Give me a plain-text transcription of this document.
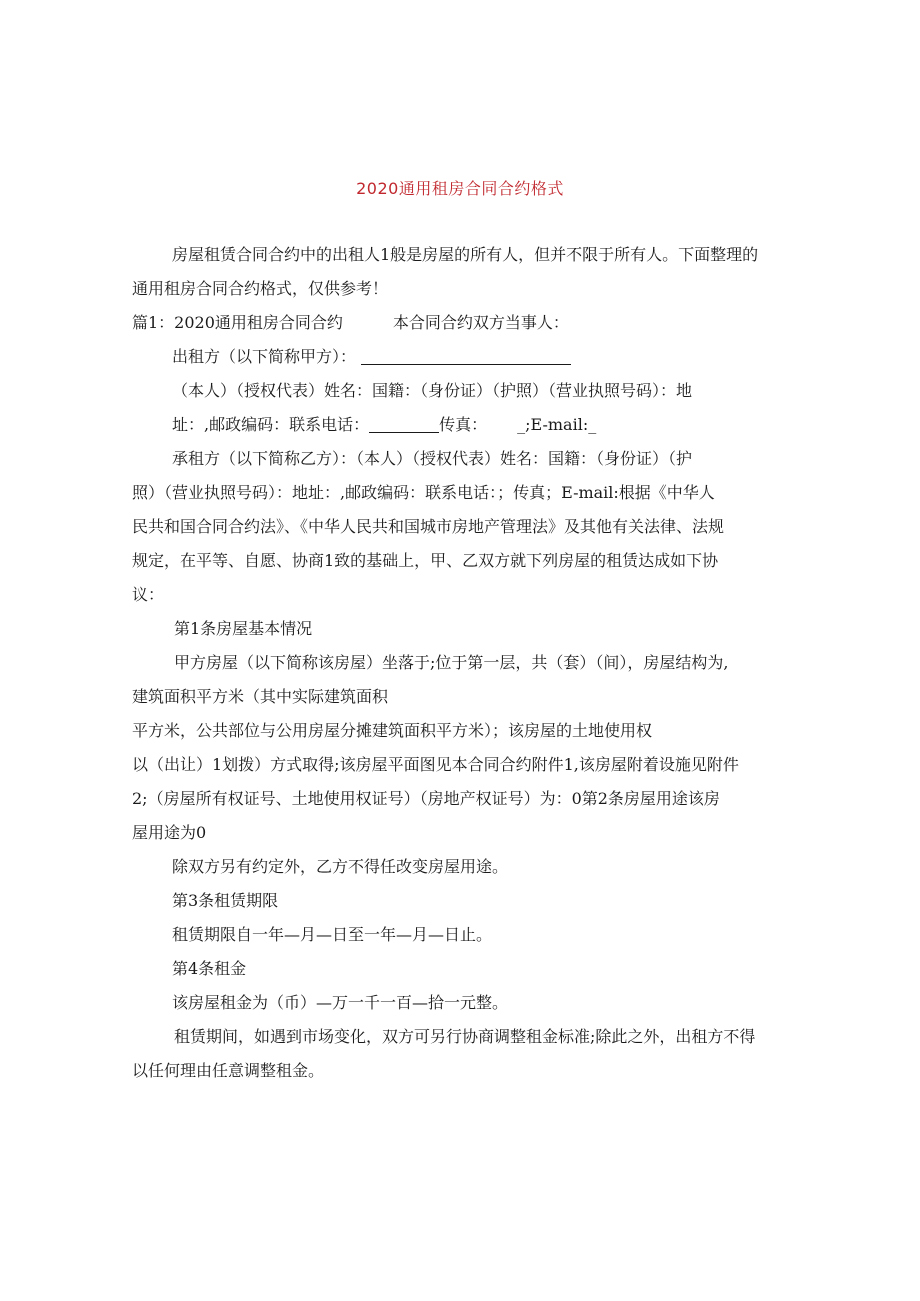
2020通用租房合同合约格式
房屋租赁合同合约中的出租人1般是房屋的所有人，但并不限于所有人。下面整理的
通用租房合同合约格式，仅供参考！
篇1：2020通用租房合同合约	本合同合约双方当事人：
出租方（以下简称甲方）：
（本人）（授权代表）姓名：国籍：（身份证）（护照）（营业执照号码）：地
址：,邮政编码：联系电话：	传真： _;E-mail:_
承租方（以下简称乙方）：（本人）（授权代表）姓名：国籍：（身份证）（护
照）（营业执照号码）：地址：,邮政编码：联系电话：；传真；E-mail:根据《中华人
民共和国合同合约法》、《中华人民共和国城市房地产管理法》及其他有关法律、法规
规定，在平等、自愿、协商1致的基础上，甲、乙双方就下列房屋的租赁达成如下协
议：
第1条房屋基本情况
甲方房屋（以下简称该房屋）坐落于;位于第一层，共（套）（间），房屋结构为,
建筑面积平方米（其中实际建筑面积
平方米，公共部位与公用房屋分摊建筑面积平方米）；该房屋的土地使用权
以（出让）1划拨）方式取得;该房屋平面图见本合同合约附件1,该房屋附着设施见附件
2;（房屋所有权证号、土地使用权证号）（房地产权证号）为：0第2条房屋用途该房
屋用途为0
除双方另有约定外，乙方不得任改变房屋用途。
第3条租赁期限
租赁期限自一年—月—日至一年—月—日止。
第4条租金
该房屋租金为（币）—万一千一百—拾一元整。
租赁期间，如遇到市场变化，双方可另行协商调整租金标准;除此之外，出租方不得
以任何理由任意调整租金。
